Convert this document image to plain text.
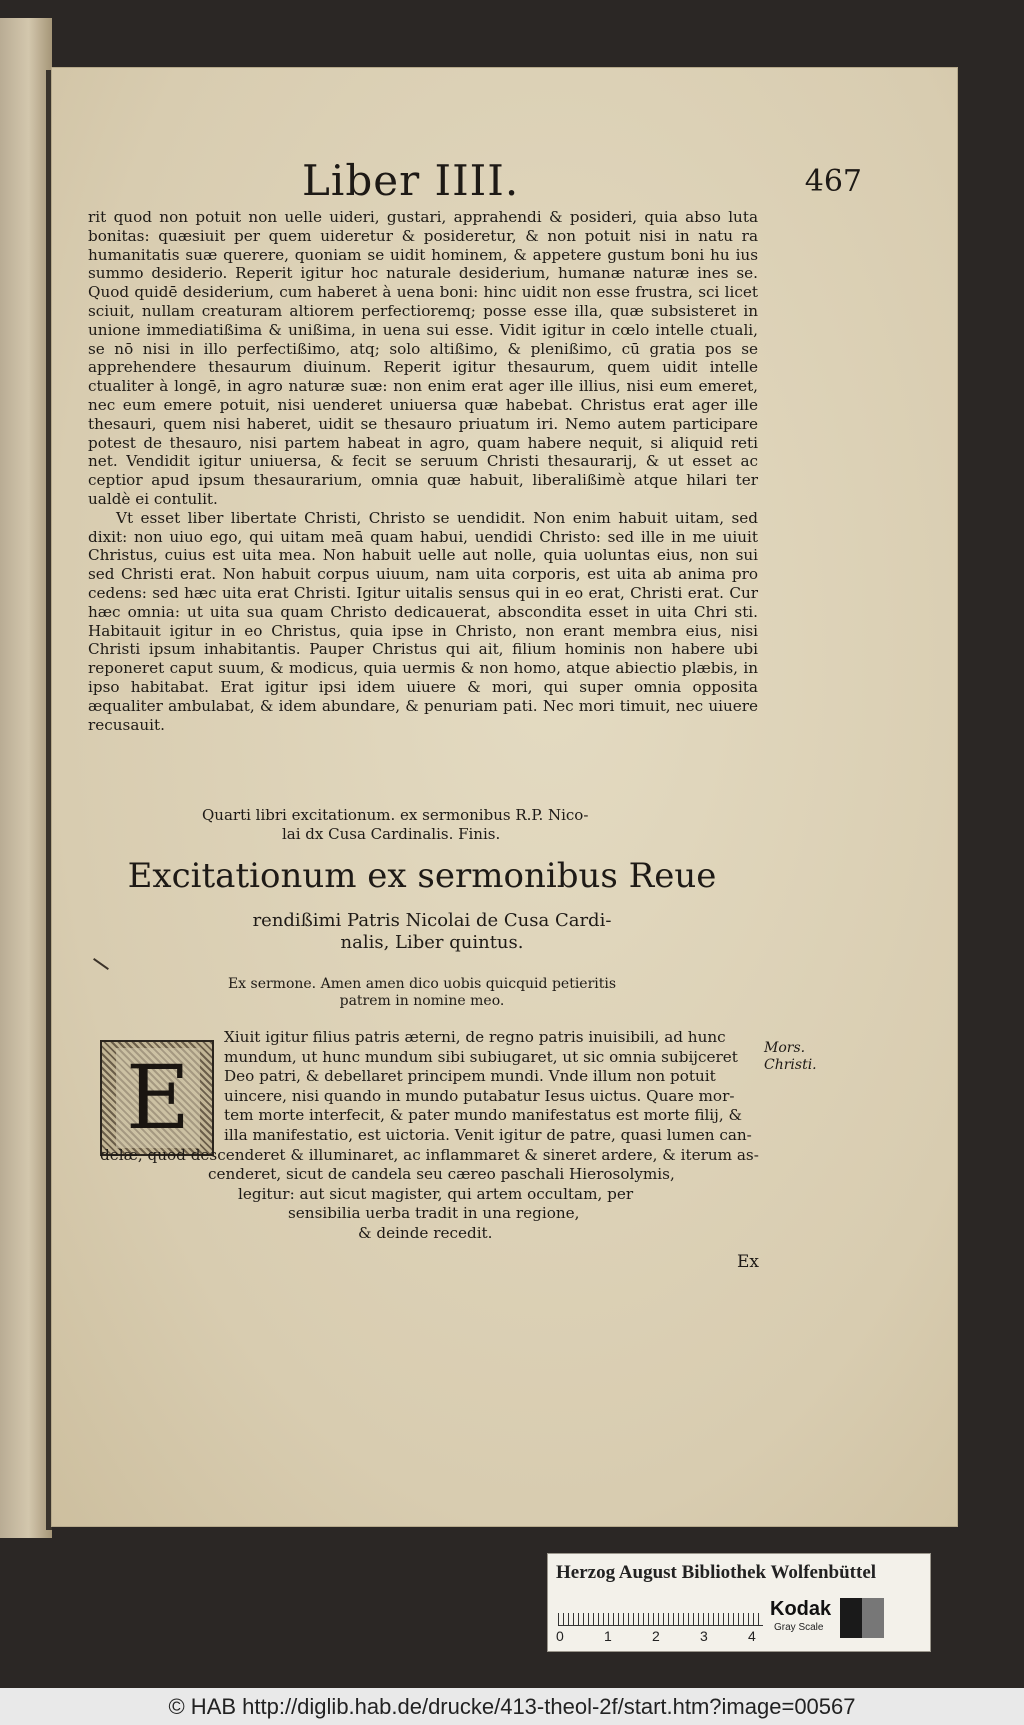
Liber IIII.	467

rit quod non potuit non uelle uideri, gustari, apprahendi & posideri, quia abso luta bonitas: quæsiuit per quem uideretur & posideretur, & non potuit nisi in natu ra humanitatis suæ querere, quoniam se uidit hominem, & appetere gustum boni hu ius summo desiderio. Reperit igitur hoc naturale desiderium, humanæ naturæ ines se. Quod quidē desiderium, cum haberet à uena boni: hinc uidit non esse frustra, sci licet sciuit, nullam creaturam altiorem perfectioremq; posse esse illa, quæ subsisteret in unione immediatißima & unißima, in uena sui esse. Vidit igitur in cœlo intelle ctuali, se nō nisi in illo perfectißimo, atq; solo altißimo, & plenißimo, cū gratia pos se apprehendere thesaurum diuinum. Reperit igitur thesaurum, quem uidit intelle ctualiter à longē, in agro naturæ suæ: non enim erat ager ille illius, nisi eum emeret, nec eum emere potuit, nisi uenderet uniuersa quæ habebat. Christus erat ager ille thesauri, quem nisi haberet, uidit se thesauro priuatum iri. Nemo autem participare potest de thesauro, nisi partem habeat in agro, quam habere nequit, si aliquid reti net. Vendidit igitur uniuersa, & fecit se seruum Christi thesaurarij, & ut esset ac ceptior apud ipsum thesaurarium, omnia quæ habuit, liberalißimè atque hilari ter ualdè ei contulit.

Vt esset liber libertate Christi, Christo se uendidit. Non enim habuit uitam, sed dixit: non uiuo ego, qui uitam meā quam habui, uendidi Christo: sed ille in me uiuit Christus, cuius est uita mea. Non habuit uelle aut nolle, quia uoluntas eius, non sui sed Christi erat. Non habuit corpus uiuum, nam uita corporis, est uita ab anima pro cedens: sed hæc uita erat Christi. Igitur uitalis sensus qui in eo erat, Christi erat. Cur hæc omnia: ut uita sua quam Christo dedicauerat, abscondita esset in uita Chri sti. Habitauit igitur in eo Christus, quia ipse in Christo, non erant membra eius, nisi Christi ipsum inhabitantis. Pauper Christus qui ait, filium hominis non habere ubi reponeret caput suum, & modicus, quia uermis & non homo, atque abiectio plæbis, in ipso habitabat. Erat igitur ipsi idem uiuere & mori, qui super omnia opposita æqualiter ambulabat, & idem abundare, & penuriam pati. Nec mori timuit, nec uiuere recusauit.

Quarti libri excitationum. ex sermonibus R.P. Nico-
lai dx Cusa Cardinalis. Finis.
Excitationum ex sermonibus Reue
rendißimi Patris Nicolai de Cusa Cardi-
nalis, Liber quintus.
Ex sermone. Amen amen dico uobis quicquid petieritis
patrem in nomine meo.
E
Xiuit igitur filius patris æterni, de regno patris inuisibili, ad hunc
mundum, ut hunc mundum sibi subiugaret, ut sic omnia subijceret
Deo patri, & debellaret principem mundi. Vnde illum non potuit
uincere, nisi quando in mundo putabatur Iesus uictus. Quare mor-
tem morte interfecit, & pater mundo manifestatus est morte filij, &
illa manifestatio, est uictoria. Venit igitur de patre, quasi lumen can-
delæ, quod descenderet & illuminaret, ac inflammaret & sineret ardere, & iterum as-
cenderet, sicut de candela seu cæreo paschali Hierosolymis,
legitur: aut sicut magister, qui artem occultam, per
sensibilia uerba tradit in una regione,
& deinde recedit.
Mors.
Christi.
Ex
Herzog August Bibliothek Wolfenbüttel
0	1	2	3	4
Kodak
Gray Scale
© HAB http://diglib.hab.de/drucke/413-theol-2f/start.htm?image=00567
